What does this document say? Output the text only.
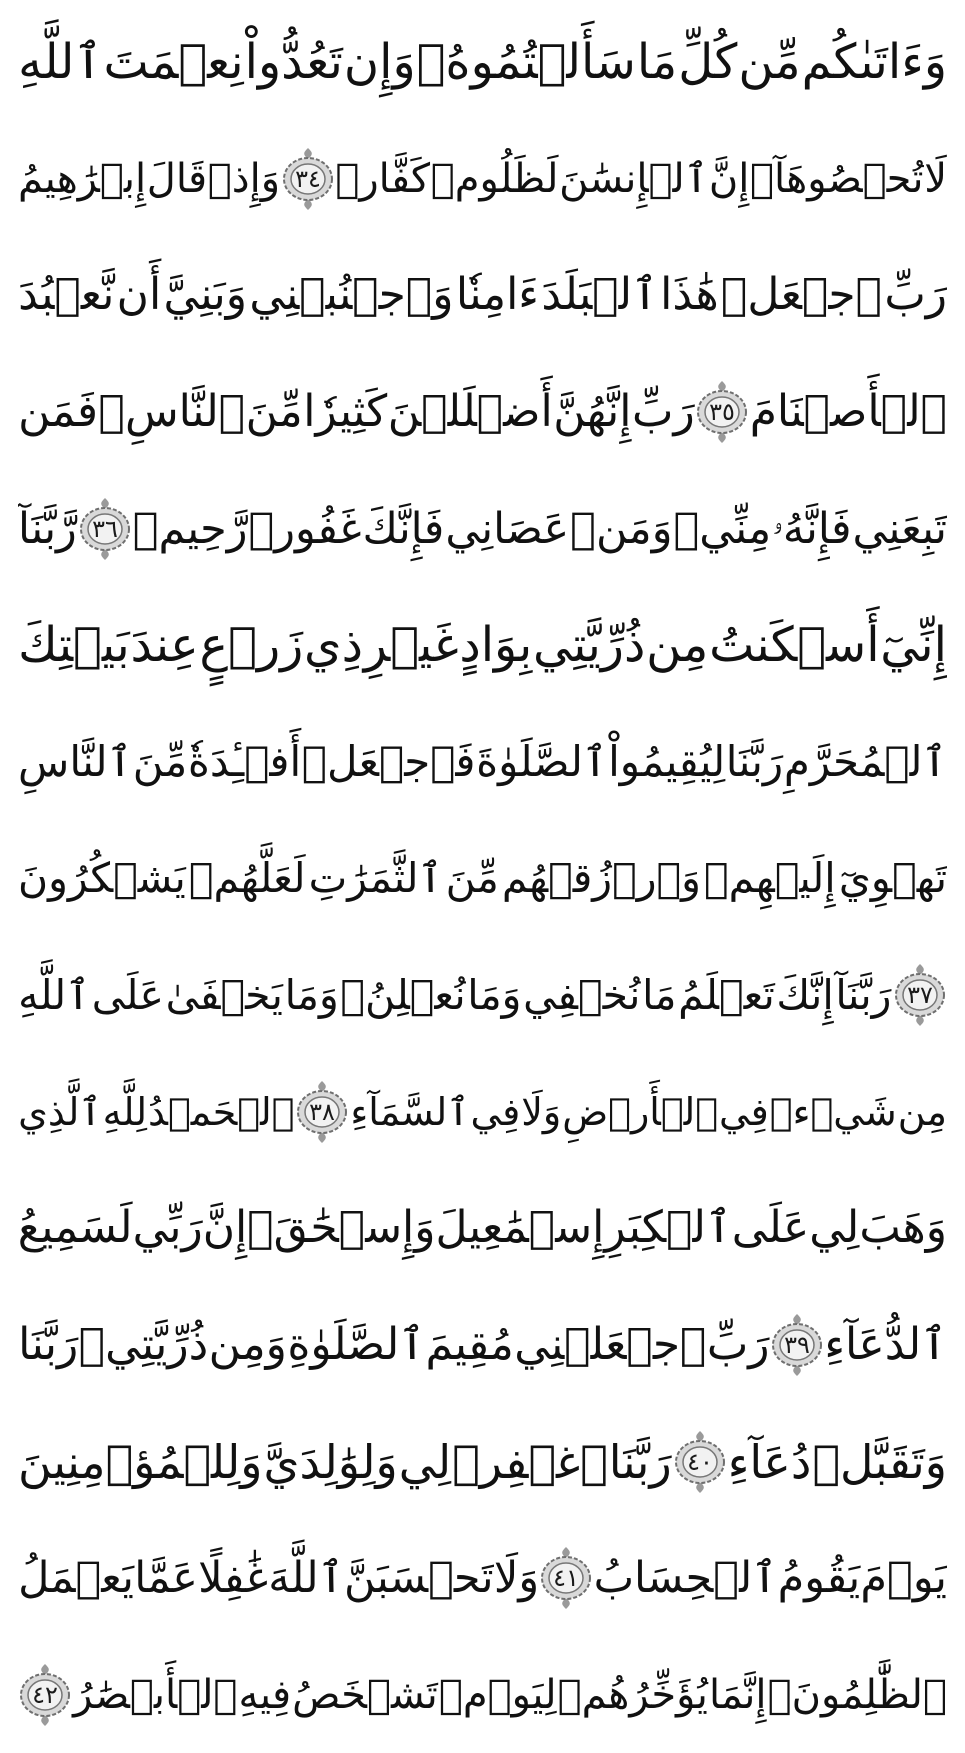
وَءَاتَىٰكُم
مِّن
كُلِّ
مَا
سَأَلۡتُمُوهُۚ
وَإِن
تَعُدُّواْ
نِعۡمَتَ
ٱللَّهِ
لَا
تُحۡصُوهَآۗ
إِنَّ
ٱلۡإِنسَٰنَ
لَظَلُومٞ
كَفَّارٞ
٣٤
وَإِذۡ
قَالَ
إِبۡرَٰهِيمُ
رَبِّ
ٱجۡعَلۡ
هَٰذَا
ٱلۡبَلَدَ
ءَامِنٗا
وَٱجۡنُبۡنِي
وَبَنِيَّ
أَن
نَّعۡبُدَ
ٱلۡأَصۡنَامَ
٣٥
رَبِّ
إِنَّهُنَّ
أَضۡلَلۡنَ
كَثِيرٗا
مِّنَ
ٱلنَّاسِۖ
فَمَن
تَبِعَنِي
فَإِنَّهُۥ
مِنِّيۖ
وَمَنۡ
عَصَانِي
فَإِنَّكَ
غَفُورٞ
رَّحِيمٞ
٣٦
رَّبَّنَآ
إِنِّيٓ
أَسۡكَنتُ
مِن
ذُرِّيَّتِي
بِوَادٍ
غَيۡرِ
ذِي
زَرۡعٍ
عِندَ
بَيۡتِكَ
ٱلۡمُحَرَّمِ
رَبَّنَا
لِيُقِيمُواْ
ٱلصَّلَوٰةَ
فَٱجۡعَلۡ
أَفۡـِٔدَةٗ
مِّنَ
ٱلنَّاسِ
تَهۡوِيٓ
إِلَيۡهِمۡ
وَٱرۡزُقۡهُم
مِّنَ
ٱلثَّمَرَٰتِ
لَعَلَّهُمۡ
يَشۡكُرُونَ
٣٧
رَبَّنَآ
إِنَّكَ
تَعۡلَمُ
مَا
نُخۡفِي
وَمَا
نُعۡلِنُۗ
وَمَا
يَخۡفَىٰ
عَلَى
ٱللَّهِ
مِن
شَيۡءٖ
فِي
ٱلۡأَرۡضِ
وَلَا
فِي
ٱلسَّمَآءِ
٣٨
ٱلۡحَمۡدُ
لِلَّهِ
ٱلَّذِي
وَهَبَ
لِي
عَلَى
ٱلۡكِبَرِ
إِسۡمَٰعِيلَ
وَإِسۡحَٰقَۚ
إِنَّ
رَبِّي
لَسَمِيعُ
ٱلدُّعَآءِ
٣٩
رَبِّ
ٱجۡعَلۡنِي
مُقِيمَ
ٱلصَّلَوٰةِ
وَمِن
ذُرِّيَّتِيۚ
رَبَّنَا
وَتَقَبَّلۡ
دُعَآءِ
٤٠
رَبَّنَا
ٱغۡفِرۡ
لِي
وَلِوَٰلِدَيَّ
وَلِلۡمُؤۡمِنِينَ
يَوۡمَ
يَقُومُ
ٱلۡحِسَابُ
٤١
وَلَا
تَحۡسَبَنَّ
ٱللَّهَ
غَٰفِلًا
عَمَّا
يَعۡمَلُ
ٱلظَّٰلِمُونَۚ
إِنَّمَا
يُؤَخِّرُهُمۡ
لِيَوۡمٖ
تَشۡخَصُ
فِيهِ
ٱلۡأَبۡصَٰرُ
٤٢
